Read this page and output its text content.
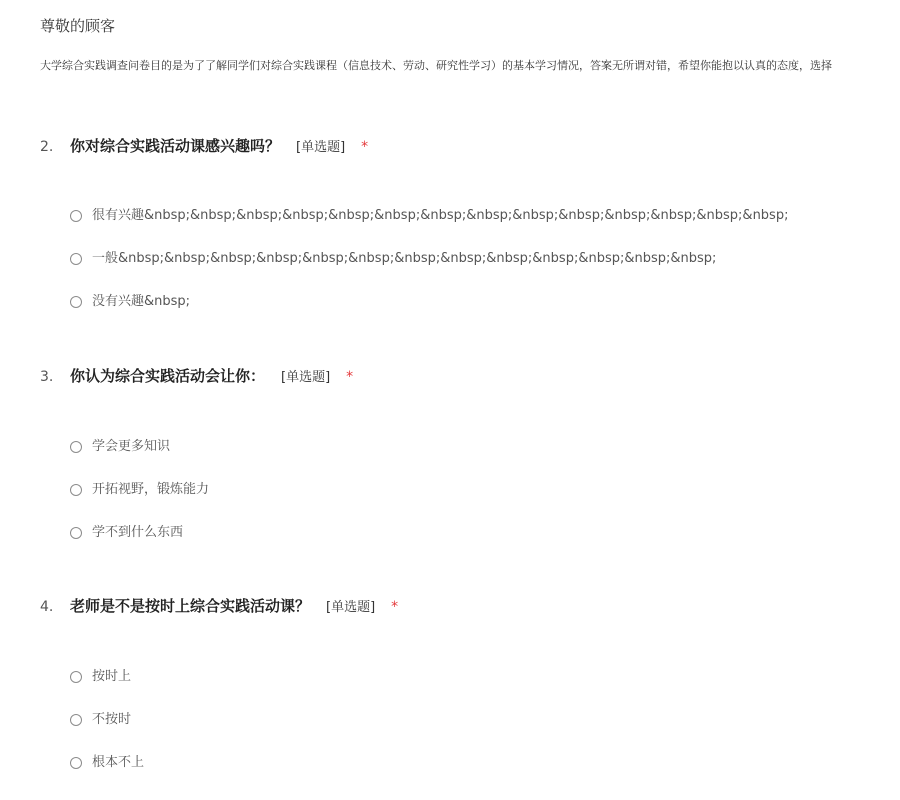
尊敬的顾客
大学综合实践调查问卷目的是为了了解同学们对综合实践课程（信息技术、劳动、研究性学习）的基本学习情况，答案无所谓对错，希望你能抱以认真的态度，选择
2.	你对综合实践活动课感兴趣吗？ [单选题] *
很有兴趣&nbsp;&nbsp;&nbsp;&nbsp;&nbsp;&nbsp;&nbsp;&nbsp;&nbsp;&nbsp;&nbsp;&nbsp;&nbsp;&nbsp;
一般&nbsp;&nbsp;&nbsp;&nbsp;&nbsp;&nbsp;&nbsp;&nbsp;&nbsp;&nbsp;&nbsp;&nbsp;&nbsp;
没有兴趣&nbsp;
3.	你认为综合实践活动会让你： [单选题] *
学会更多知识
开拓视野，锻炼能力
学不到什么东西
4.	老师是不是按时上综合实践活动课？ [单选题] *
按时上
不按时
根本不上
